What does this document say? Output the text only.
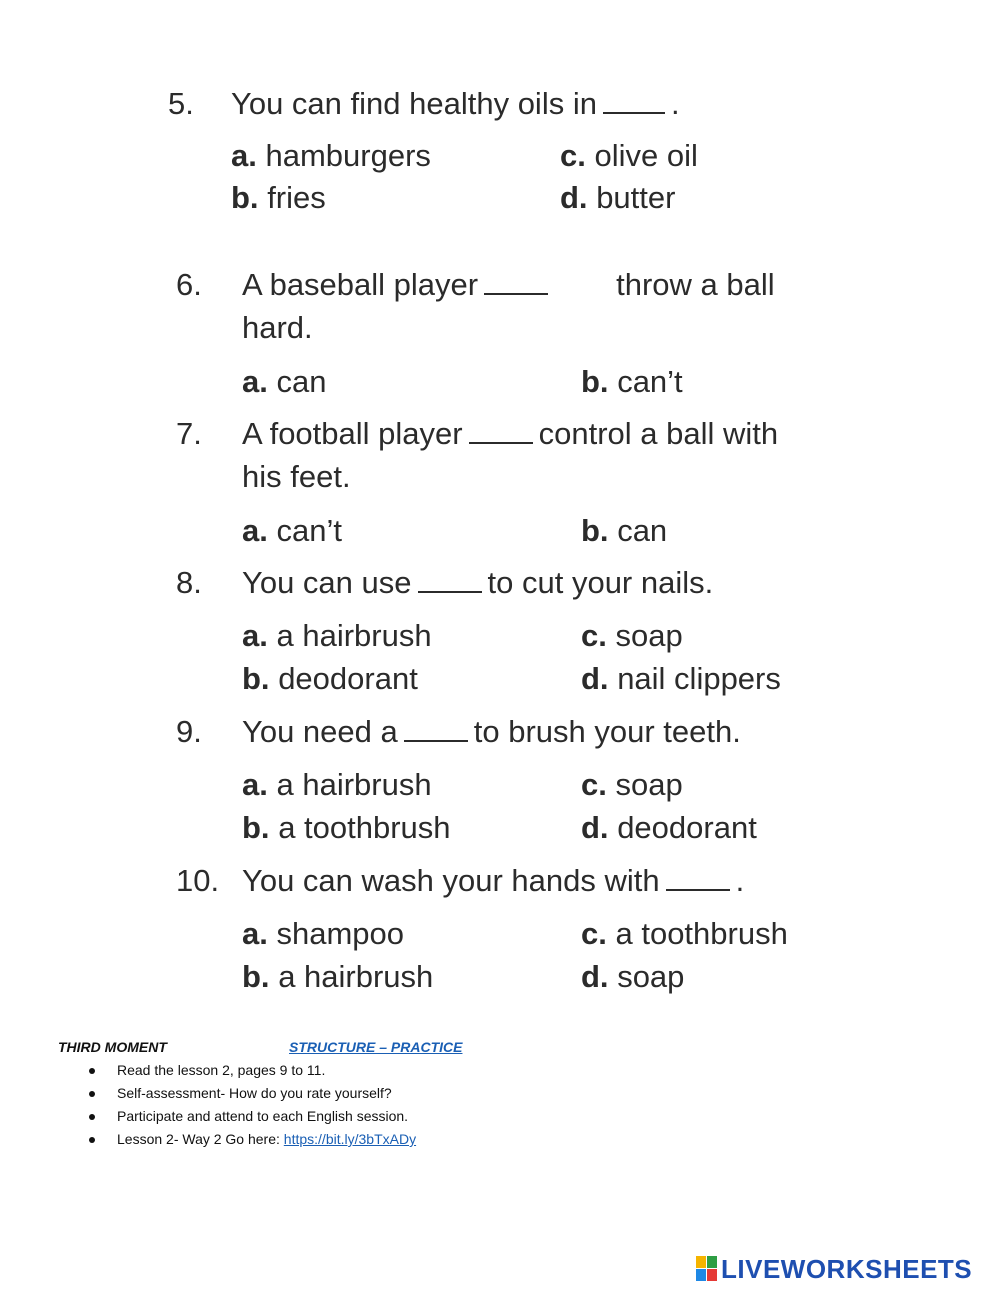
5. You can find healthy oils in .
a. hamburgers
b. fries
c. olive oil
d. butter
6. A baseball player	throw a ball
hard.
a. can	b. can’t
7. A football player control a ball with
his feet.
a. can’t	b. can
8. You can use to cut your nails.
a. a hairbrush
b. deodorant
c. soap
d. nail clippers
9. You need a to brush your teeth.
a. a hairbrush
b. a toothbrush
c. soap
d. deodorant
10. You can wash your hands with .
a. shampoo
b. a hairbrush
c. a toothbrush
d. soap
THIRD MOMENT	STRUCTURE – PRACTICE
Read the lesson 2, pages 9 to 11.
Self-assessment- How do you rate yourself?
Participate and attend to each English session.
Lesson 2- Way 2 Go here: https://bit.ly/3bTxADy
LIVEWORKSHEETS
